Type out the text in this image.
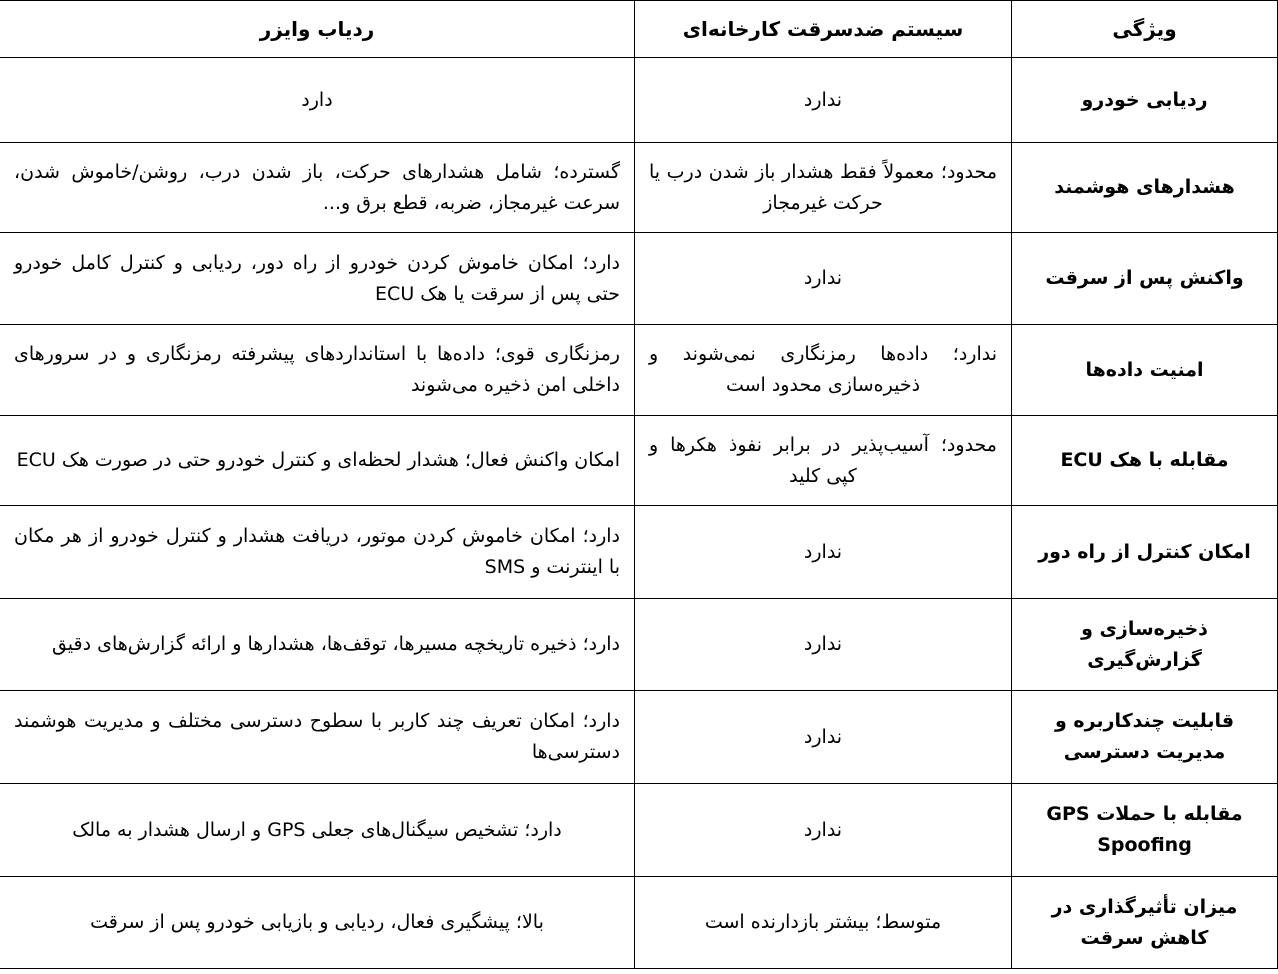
ویژگی	سیستم ضدسرقت کارخانه‌ای	ردیاب وایزر
ردیابی خودرو	ندارد	دارد
هشدارهای هوشمند	محدود؛ معمولاً فقط هشدار باز شدن درب یا حرکت غیرمجاز	گسترده؛ شامل هشدارهای حرکت، باز شدن درب، روشن/خاموش شدن، سرعت غیرمجاز، ضربه، قطع برق و...
واکنش پس از سرقت	ندارد	دارد؛ امکان خاموش کردن خودرو از راه دور، ردیابی و کنترل کامل خودرو حتی پس از سرقت یا هک ECU
امنیت داده‌ها	ندارد؛ داده‌ها رمزنگاری نمی‌شوند و ذخیره‌سازی محدود است	رمزنگاری قوی؛ داده‌ها با استانداردهای پیشرفته رمزنگاری و در سرورهای داخلی امن ذخیره می‌شوند
مقابله با هک ECU	محدود؛ آسیب‌پذیر در برابر نفوذ هکرها و کپی کلید	امکان واکنش فعال؛ هشدار لحظه‌ای و کنترل خودرو حتی در صورت هک ECU
امکان کنترل از راه دور	ندارد	دارد؛ امکان خاموش کردن موتور، دریافت هشدار و کنترل خودرو از هر مکان با اینترنت و SMS
ذخیره‌سازی و گزارش‌گیری	ندارد	دارد؛ ذخیره تاریخچه مسیرها، توقف‌ها، هشدارها و ارائه گزارش‌های دقیق
قابلیت چندکاربره و مدیریت دسترسی	ندارد	دارد؛ امکان تعریف چند کاربر با سطوح دسترسی مختلف و مدیریت هوشمند دسترسی‌ها
مقابله با حملات GPS Spoofing	ندارد	دارد؛ تشخیص سیگنال‌های جعلی GPS و ارسال هشدار به مالک
میزان تأثیرگذاری در کاهش سرقت	متوسط؛ بیشتر بازدارنده است	بالا؛ پیشگیری فعال، ردیابی و بازیابی خودرو پس از سرقت
